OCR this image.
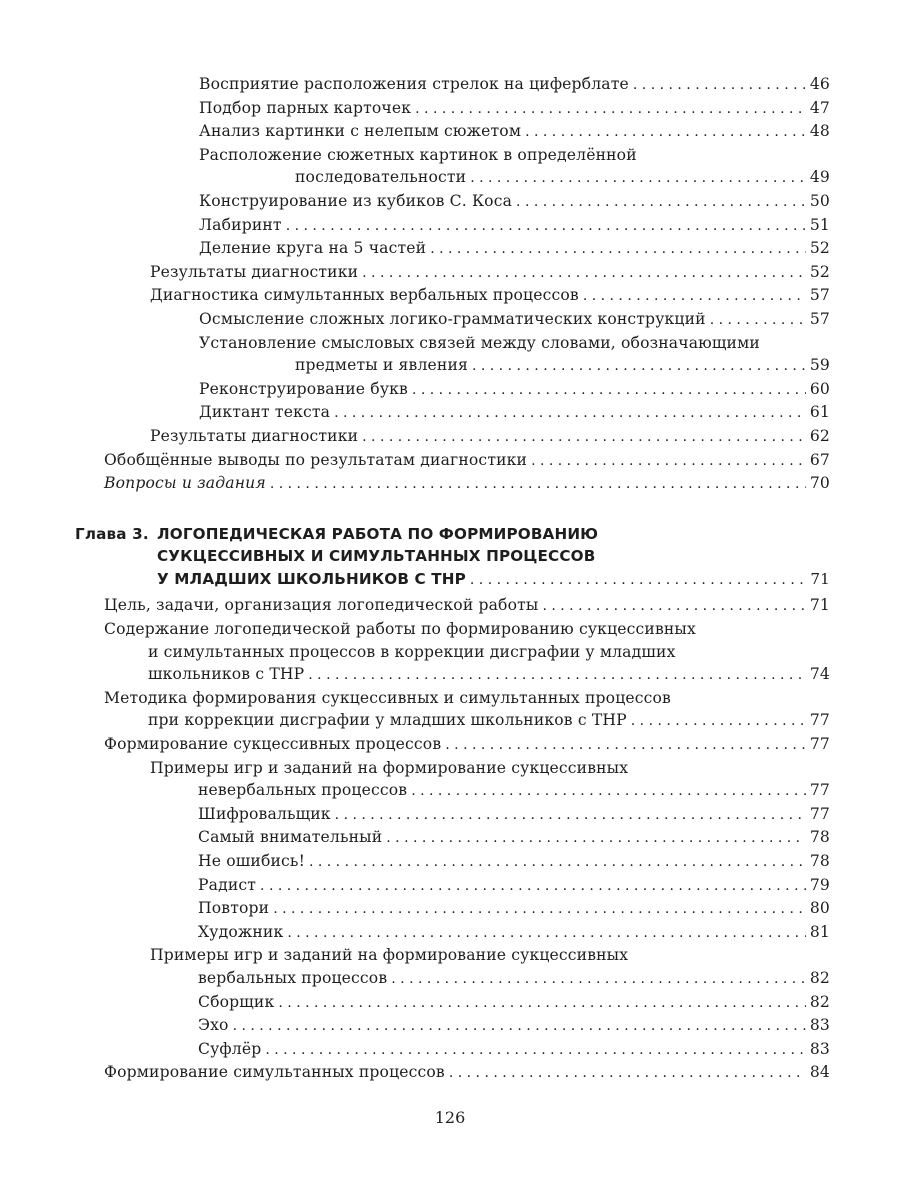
Восприятие расположения стрелок на циферблате . . .	46
Подбор парных карточек . . .	47
Анализ картинки с нелепым сюжетом . . .	48
Расположение сюжетных картинок в определённой
последовательности . . .	49
Конструирование из кубиков С. Коса . . .	50
Лабиринт . . .	51
Деление круга на 5 частей . . .	52
Результаты диагностики . . .	52
Диагностика симультанных вербальных процессов . . .	57
Осмысление сложных логико-грамматических конструкций . . .	57
Установление смысловых связей между словами, обозначающими
предметы и явления . . .	59
Реконструирование букв . . .	60
Диктант текста . . .	61
Результаты диагностики . . .	62
Обобщённые выводы по результатам диагностики . . .	67
Вопросы и задания . . .	70
Глава 3. ЛОГОПЕДИЧЕСКАЯ РАБОТА ПО ФОРМИРОВАНИЮ
СУКЦЕССИВНЫХ И СИМУЛЬТАННЫХ ПРОЦЕССОВ
У МЛАДШИХ ШКОЛЬНИКОВ С ТНР . . .	71
Цель, задачи, организация логопедической работы . . .	71
Содержание логопедической работы по формированию сукцессивных
и симультанных процессов в коррекции дисграфии у младших
школьников с ТНР . . .	74
Методика формирования сукцессивных и симультанных процессов
при коррекции дисграфии у младших школьников с ТНР . . .	77
Формирование сукцессивных процессов . . .	77
Примеры игр и заданий на формирование сукцессивных
невербальных процессов . . .	77
Шифровальщик . . .	77
Самый внимательный . . .	78
Не ошибись! . . .	78
Радист . . .	79
Повтори . . .	80
Художник . . .	81
Примеры игр и заданий на формирование сукцессивных
вербальных процессов . . .	82
Сборщик . . .	82
Эхо . . .	83
Суфлёр . . .	83
Формирование симультанных процессов . . .	84
126
